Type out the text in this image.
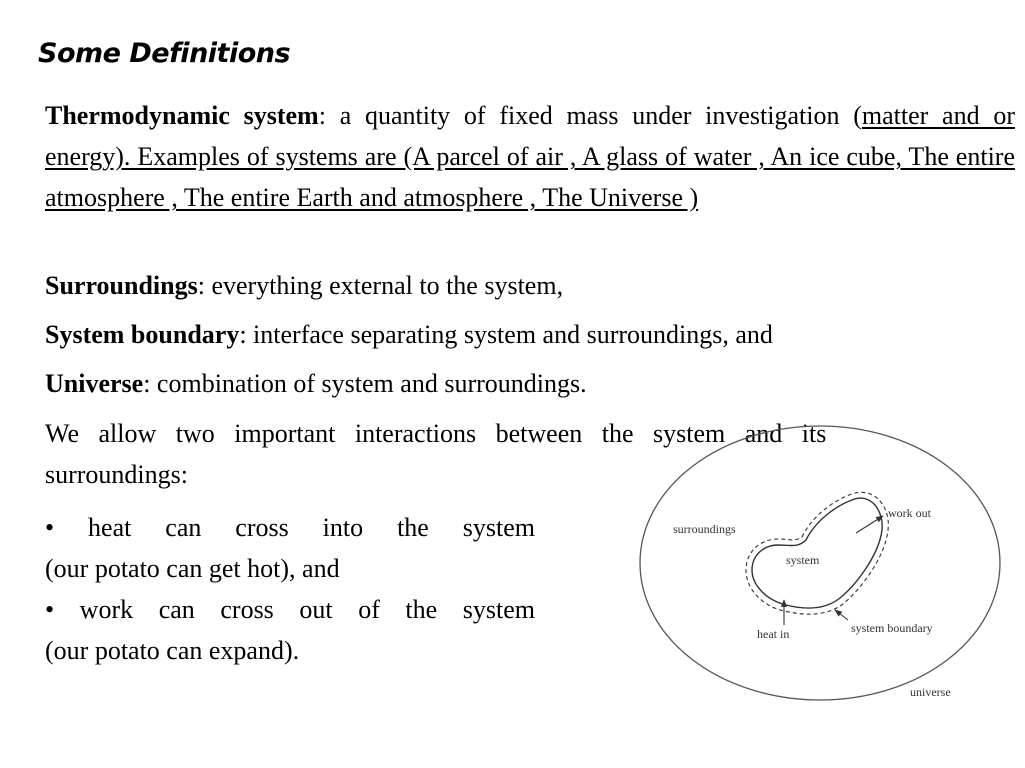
Some Definitions

Thermodynamic system: a quantity of fixed mass under investigation (matter and or energy). Examples of systems are (A parcel of air , A glass of water , An ice cube, The entire atmosphere , The entire Earth and atmosphere , The Universe )

Surroundings: everything external to the system,

System boundary: interface separating system and surroundings, and

Universe: combination of system and surroundings.

We allow two important interactions between the system and its
surroundings:

• heat can cross into the system
(our potato can get hot), and

• work can cross out of the system
(our potato can expand).

surroundings
system
work out
heat in	system boundary
universe
